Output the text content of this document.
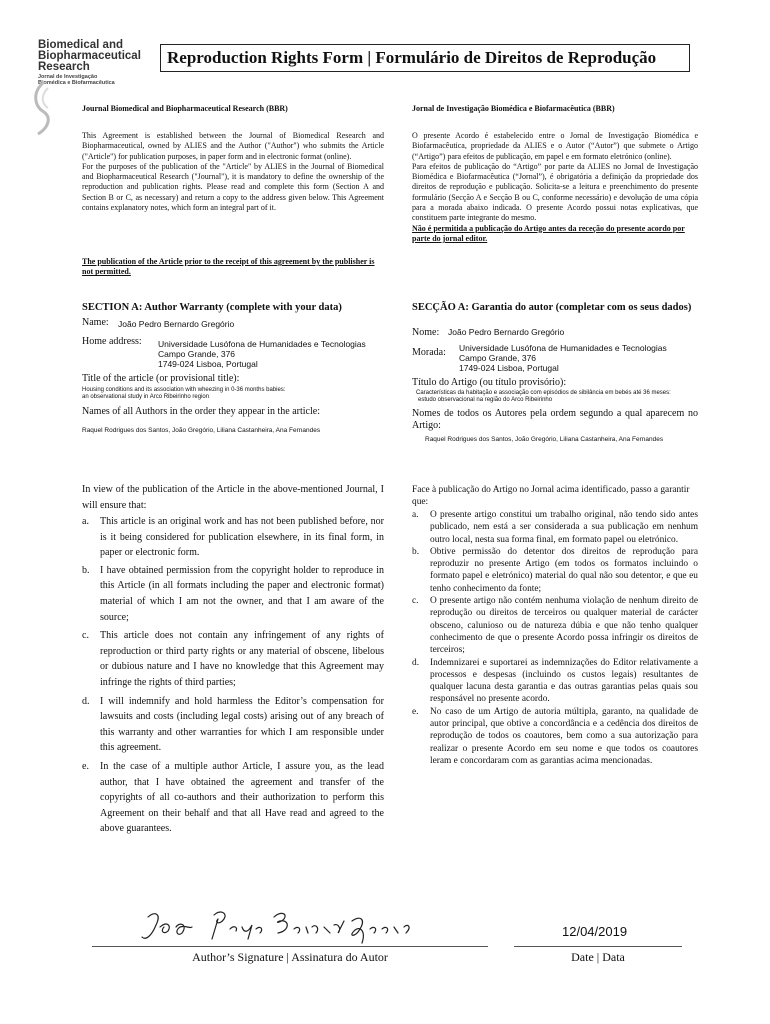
Biomedical and
Biopharmaceutical
Research
Jornal de Investigação
Biomédica e Biofarmacêutica
Reproduction Rights Form | Formulário de Direitos de Reprodução
Journal Biomedical and Biopharmaceutical Research (BBR)	Jornal de Investigação Biomédica e Biofarmacêutica (BBR)
This Agreement is established between the Journal of Biomedical Research and Biopharmaceutical, owned by ALIES and the Author ("Author") who submits the Article ("Article") for publication purposes, in paper form and in electronic format (online).
For the purposes of the publication of the "Article" by ALIES in the Journal of Biomedical and Biopharmaceutical Research ("Journal"), it is mandatory to define the ownership of the reproduction and publication rights. Please read and complete this form (Section A and Section B or C, as necessary) and return a copy to the address given below. This Agreement contains explanatory notes, which form an integral part of it.
The publication of the Article prior to the receipt of this agreement by the publisher is not permitted.
O presente Acordo é estabelecido entre o Jornal de Investigação Biomédica e Biofarmacêutica, propriedade da ALIES e o Autor (“Autor”) que submete o Artigo (“Artigo”) para efeitos de publicação, em papel e em formato eletrónico (online).
Para efeitos de publicação do “Artigo” por parte da ALIES no Jornal de Investigação Biomédica e Biofarmacêutica (“Jornal”), é obrigatória a definição da propriedade dos direitos de reprodução e publicação. Solicita-se a leitura e preenchimento do presente formulário (Secção A e Secção B ou C, conforme necessário) e devolução de uma cópia para a morada abaixo indicada. O presente Acordo possui notas explicativas, que constituem parte integrante do mesmo.
Não é permitida a publicação do Artigo antes da receção do presente acordo por parte do jornal editor.
SECTION A: Author Warranty (complete with your data)
Name: João Pedro Bernardo Gregório
Home address: Universidade Lusófona de Humanidades e Tecnologias
Campo Grande, 376
1749-024 Lisboa, Portugal
Title of the article (or provisional title):
Housing conditions and its association with wheezing in 0-36 months babies:
an observational study in Arco Ribeirinho region
Names of all Authors in the order they appear in the article:
Raquel Rodrigues dos Santos, João Gregório, Liliana Castanheira, Ana Fernandes
SECÇÃO A: Garantia do autor (completar com os seus dados)
Nome: João Pedro Bernardo Gregório
Morada: Universidade Lusófona de Humanidades e Tecnologias
Campo Grande, 376
1749-024 Lisboa, Portugal
Título do Artigo (ou título provisório):
Características da habitação e associação com episódios de sibilância em bebés até 36 meses:
estudo observacional na região do Arco Ribeirinho
Nomes de todos os Autores pela ordem segundo a qual aparecem no Artigo:
Raquel Rodrigues dos Santos, João Gregório, Liliana Castanheira, Ana Fernandes
In view of the publication of the Article in the above-mentioned Journal, I will ensure that:
a. This article is an original work and has not been published before, nor is it being considered for publication elsewhere, in its final form, in paper or electronic form.
b. I have obtained permission from the copyright holder to reproduce in this Article (in all formats including the paper and electronic format) material of which I am not the owner, and that I am aware of the source;
c. This article does not contain any infringement of any rights of reproduction or third party rights or any material of obscene, libelous or dubious nature and I have no knowledge that this Agreement may infringe the rights of third parties;
d. I will indemnify and hold harmless the Editor’s compensation for lawsuits and costs (including legal costs) arising out of any breach of this warranty and other warranties for which I am responsible under this agreement.
e. In the case of a multiple author Article, I assure you, as the lead author, that I have obtained the agreement and transfer of the copyrights of all co-authors and their authorization to perform this Agreement on their behalf and that all Have read and agreed to the above guarantees.
Face à publicação do Artigo no Jornal acima identificado, passo a garantir que:
a. O presente artigo constitui um trabalho original, não tendo sido antes publicado, nem está a ser considerada a sua publicação em nenhum outro local, nesta sua forma final, em formato papel ou eletrónico.
b. Obtive permissão do detentor dos direitos de reprodução para reproduzir no presente Artigo (em todos os formatos incluindo o formato papel e eletrónico) material do qual não sou detentor, e que eu tenho conhecimento da fonte;
c. O presente artigo não contém nenhuma violação de nenhum direito de reprodução ou direitos de terceiros ou qualquer material de carácter obsceno, calunioso ou de natureza dúbia e que não tenho qualquer conhecimento de que o presente Acordo possa infringir os direitos de terceiros;
d. Indemnizarei e suportarei as indemnizações do Editor relativamente a processos e despesas (incluindo os custos legais) resultantes de qualquer lacuna desta garantia e das outras garantias pelas quais sou responsável no presente acordo.
e. No caso de um Artigo de autoria múltipla, garanto, na qualidade de autor principal, que obtive a concordância e a cedência dos direitos de reprodução de todos os coautores, bem como a sua autorização para realizar o presente Acordo em seu nome e que todos os coautores leram e concordaram com as garantias acima mencionadas.
João Pedro Bernardo Gregório
12/04/2019
Author’s Signature | Assinatura do Autor	Date | Data
